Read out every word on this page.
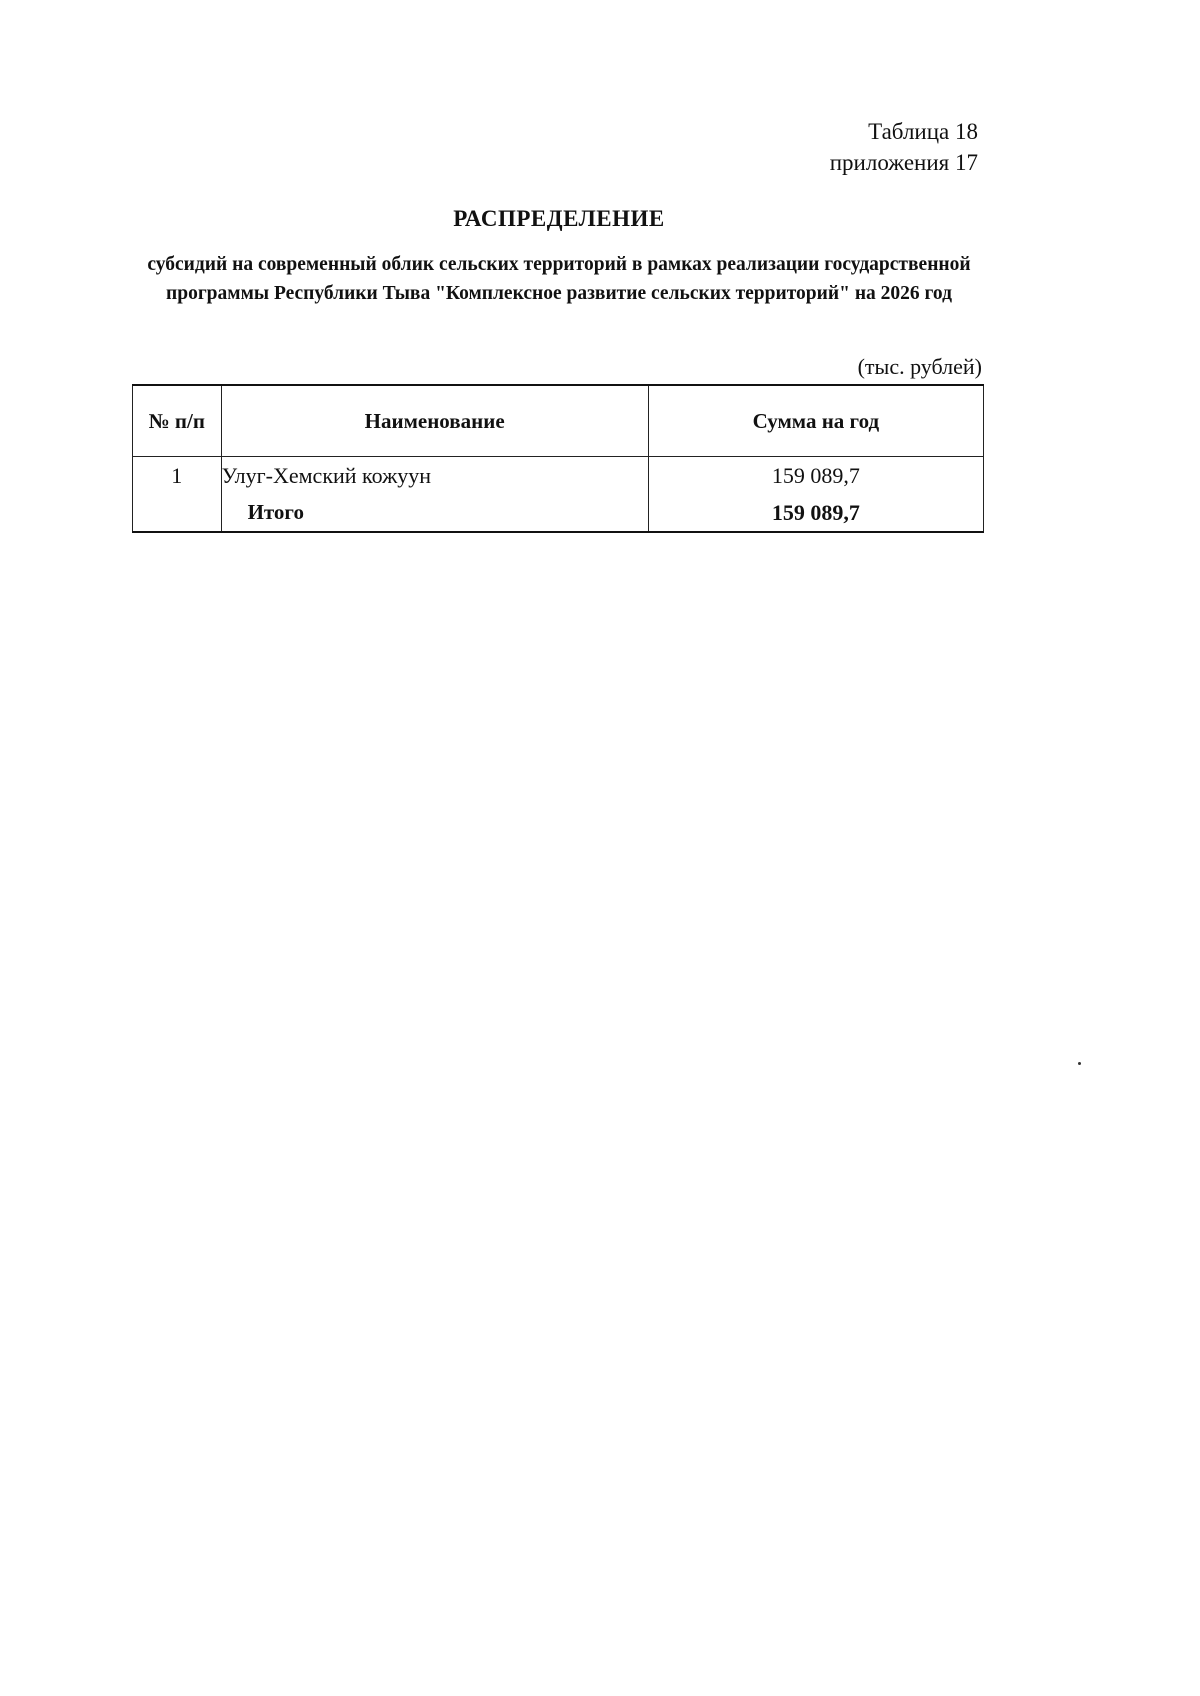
Таблица 18
приложения 17
РАСПРЕДЕЛЕНИЕ
субсидий на современный облик сельских территорий в рамках реализации государственной программы Республики Тыва "Комплексное развитие сельских территорий" на 2026 год
(тыс. рублей)
№ п/п	Наименование	Сумма на год
1	Улуг-Хемский кожуун	159 089,7
	Итого	159 089,7
